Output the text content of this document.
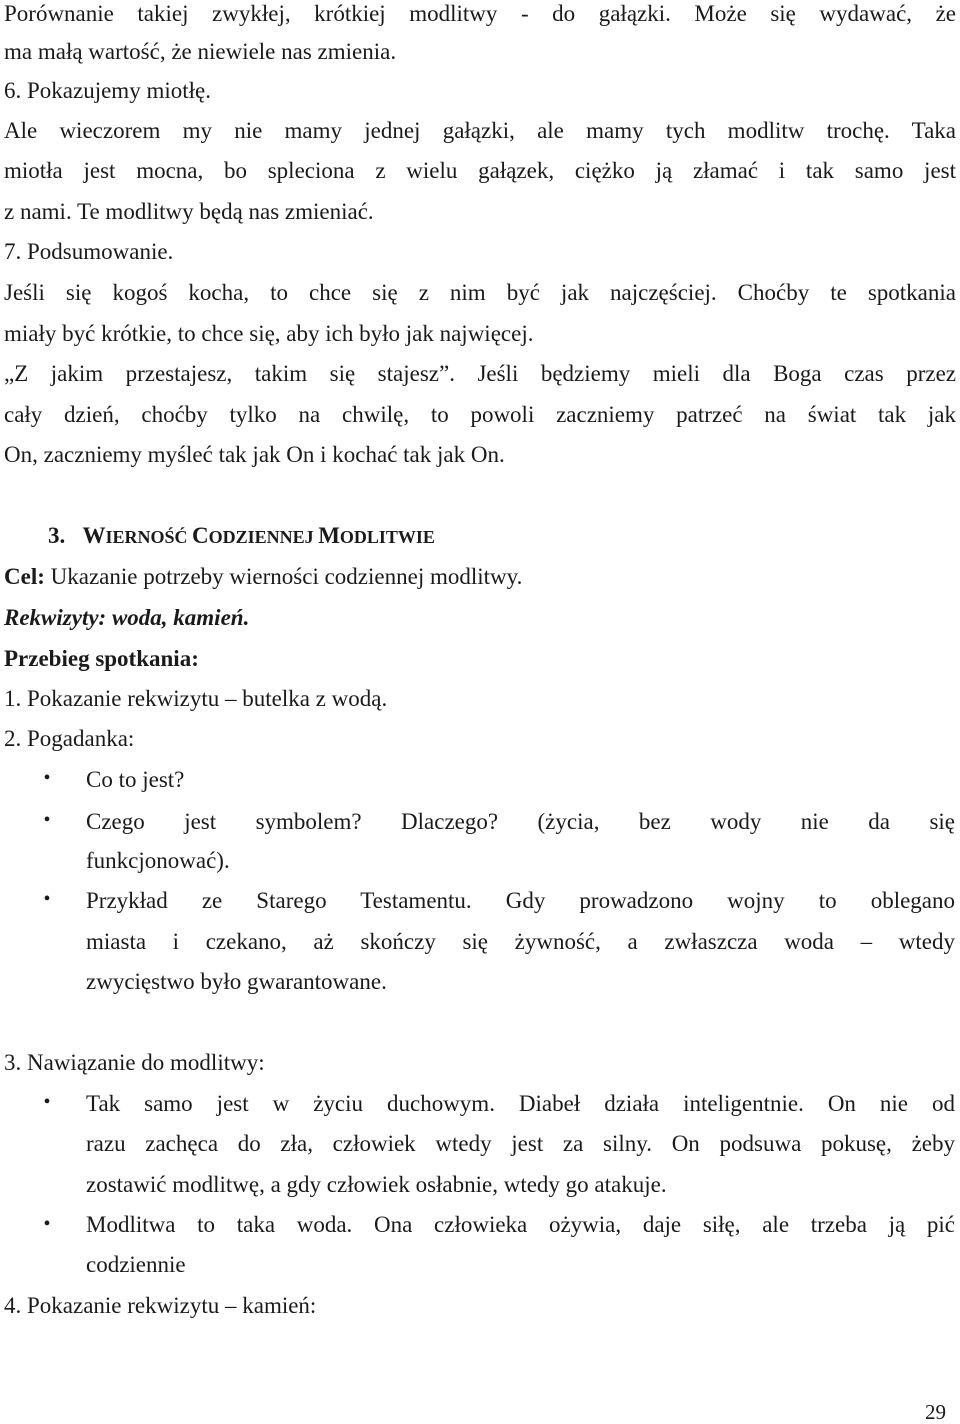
Porównanie takiej zwykłej, krótkiej modlitwy - do gałązki. Może się wydawać, że
ma małą wartość, że niewiele nas zmienia.
6. Pokazujemy miotłę.
Ale wieczorem my nie mamy jednej gałązki, ale mamy tych modlitw trochę. Taka
miotła jest mocna, bo spleciona z wielu gałązek, ciężko ją złamać i tak samo jest
z nami. Te modlitwy będą nas zmieniać.
7. Podsumowanie.
Jeśli się kogoś kocha, to chce się z nim być jak najczęściej. Choćby te spotkania
miały być krótkie, to chce się, aby ich było jak najwięcej.
„Z jakim przestajesz, takim się stajesz”. Jeśli będziemy mieli dla Boga czas przez
cały dzień, choćby tylko na chwilę, to powoli zaczniemy patrzeć na świat tak jak
On, zaczniemy myśleć tak jak On i kochać tak jak On.
3. WIERNOŚĆ CODZIENNEJ MODLITWIE
Cel: Ukazanie potrzeby wierności codziennej modlitwy.
Rekwizyty: woda, kamień.
Przebieg spotkania:
1. Pokazanie rekwizytu – butelka z wodą.
2. Pogadanka:
• Co to jest?
• Czego jest symbolem? Dlaczego? (życia, bez wody nie da się
funkcjonować).
• Przykład ze Starego Testamentu. Gdy prowadzono wojny to oblegano
miasta i czekano, aż skończy się żywność, a zwłaszcza woda – wtedy
zwycięstwo było gwarantowane.
3. Nawiązanie do modlitwy:
• Tak samo jest w życiu duchowym. Diabeł działa inteligentnie. On nie od
razu zachęca do zła, człowiek wtedy jest za silny. On podsuwa pokusę, żeby
zostawić modlitwę, a gdy człowiek osłabnie, wtedy go atakuje.
• Modlitwa to taka woda. Ona człowieka ożywia, daje siłę, ale trzeba ją pić
codziennie
4. Pokazanie rekwizytu – kamień:
29
